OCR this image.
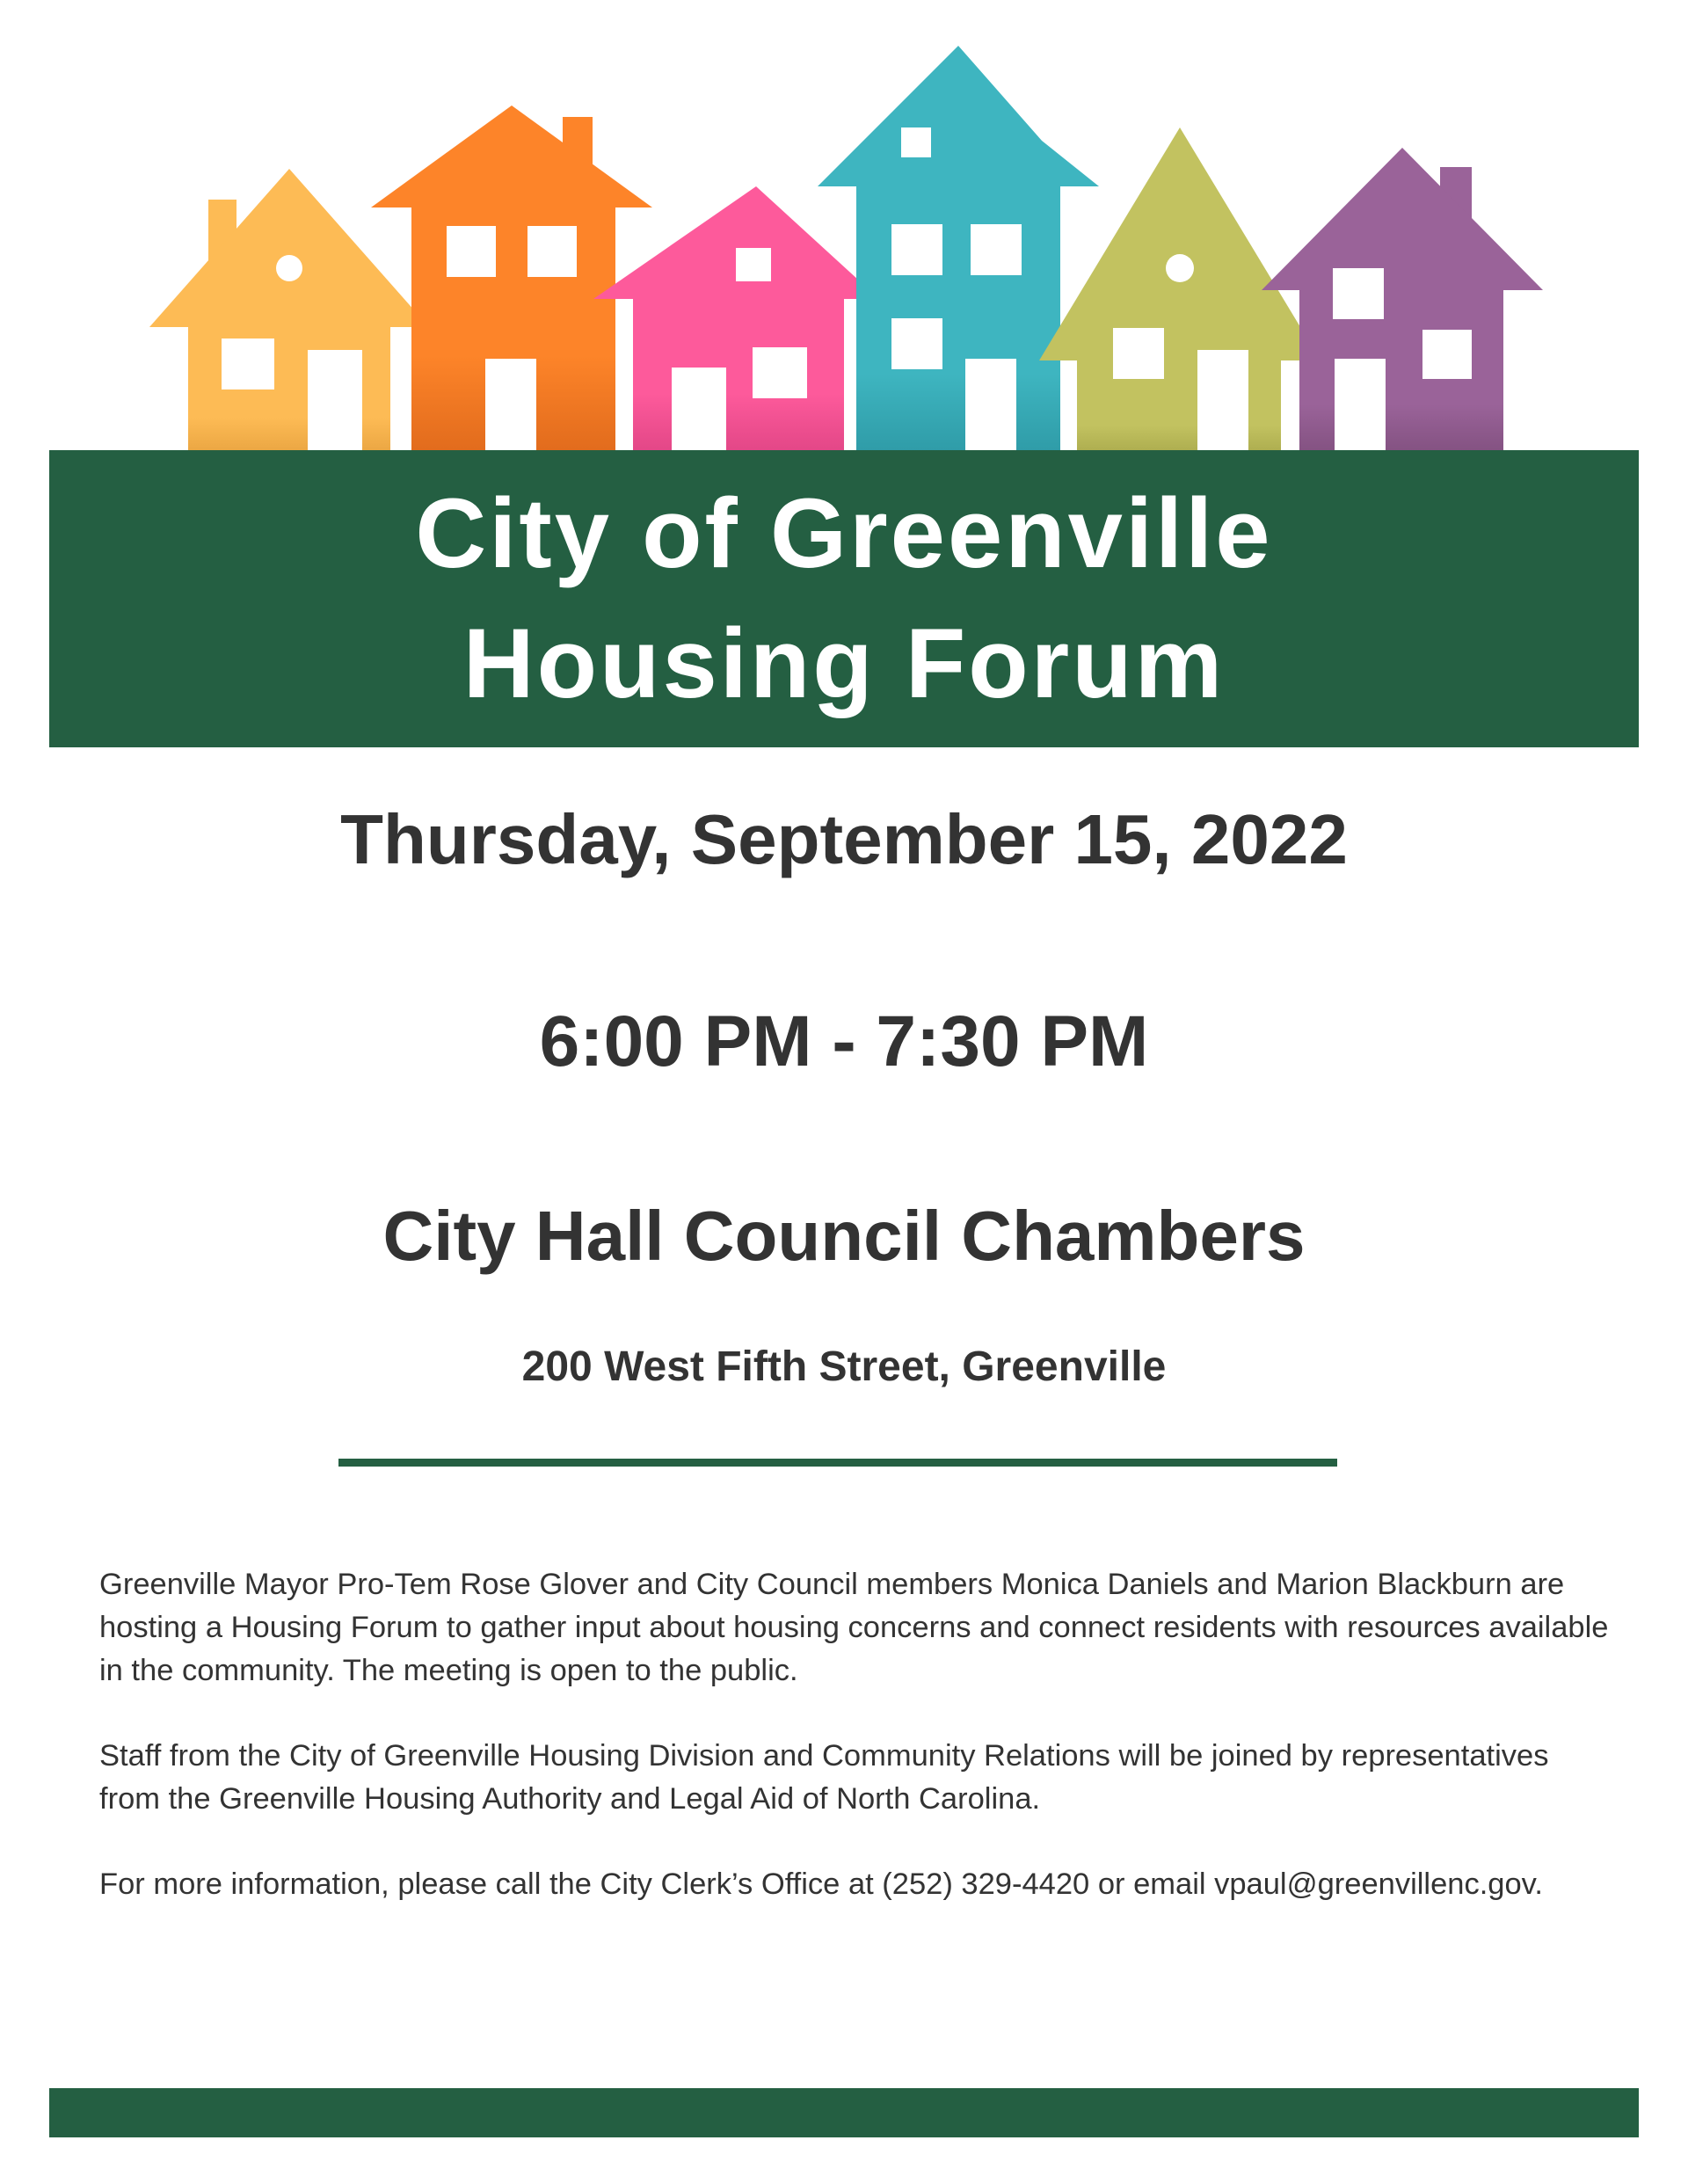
City of Greenville
Housing Forum
Thursday, September 15, 2022
6:00 PM - 7:30 PM
City Hall Council Chambers
200 West Fifth Street, Greenville

Greenville Mayor Pro-Tem Rose Glover and City Council members Monica Daniels and Marion Blackburn are hosting a Housing Forum to gather input about housing concerns and connect residents with resources available in the community. The meeting is open to the public.

Staff from the City of Greenville Housing Division and Community Relations will be joined by representatives from the Greenville Housing Authority and Legal Aid of North Carolina.

For more information, please call the City Clerk’s Office at (252) 329-4420 or email vpaul@greenvillenc.gov.
